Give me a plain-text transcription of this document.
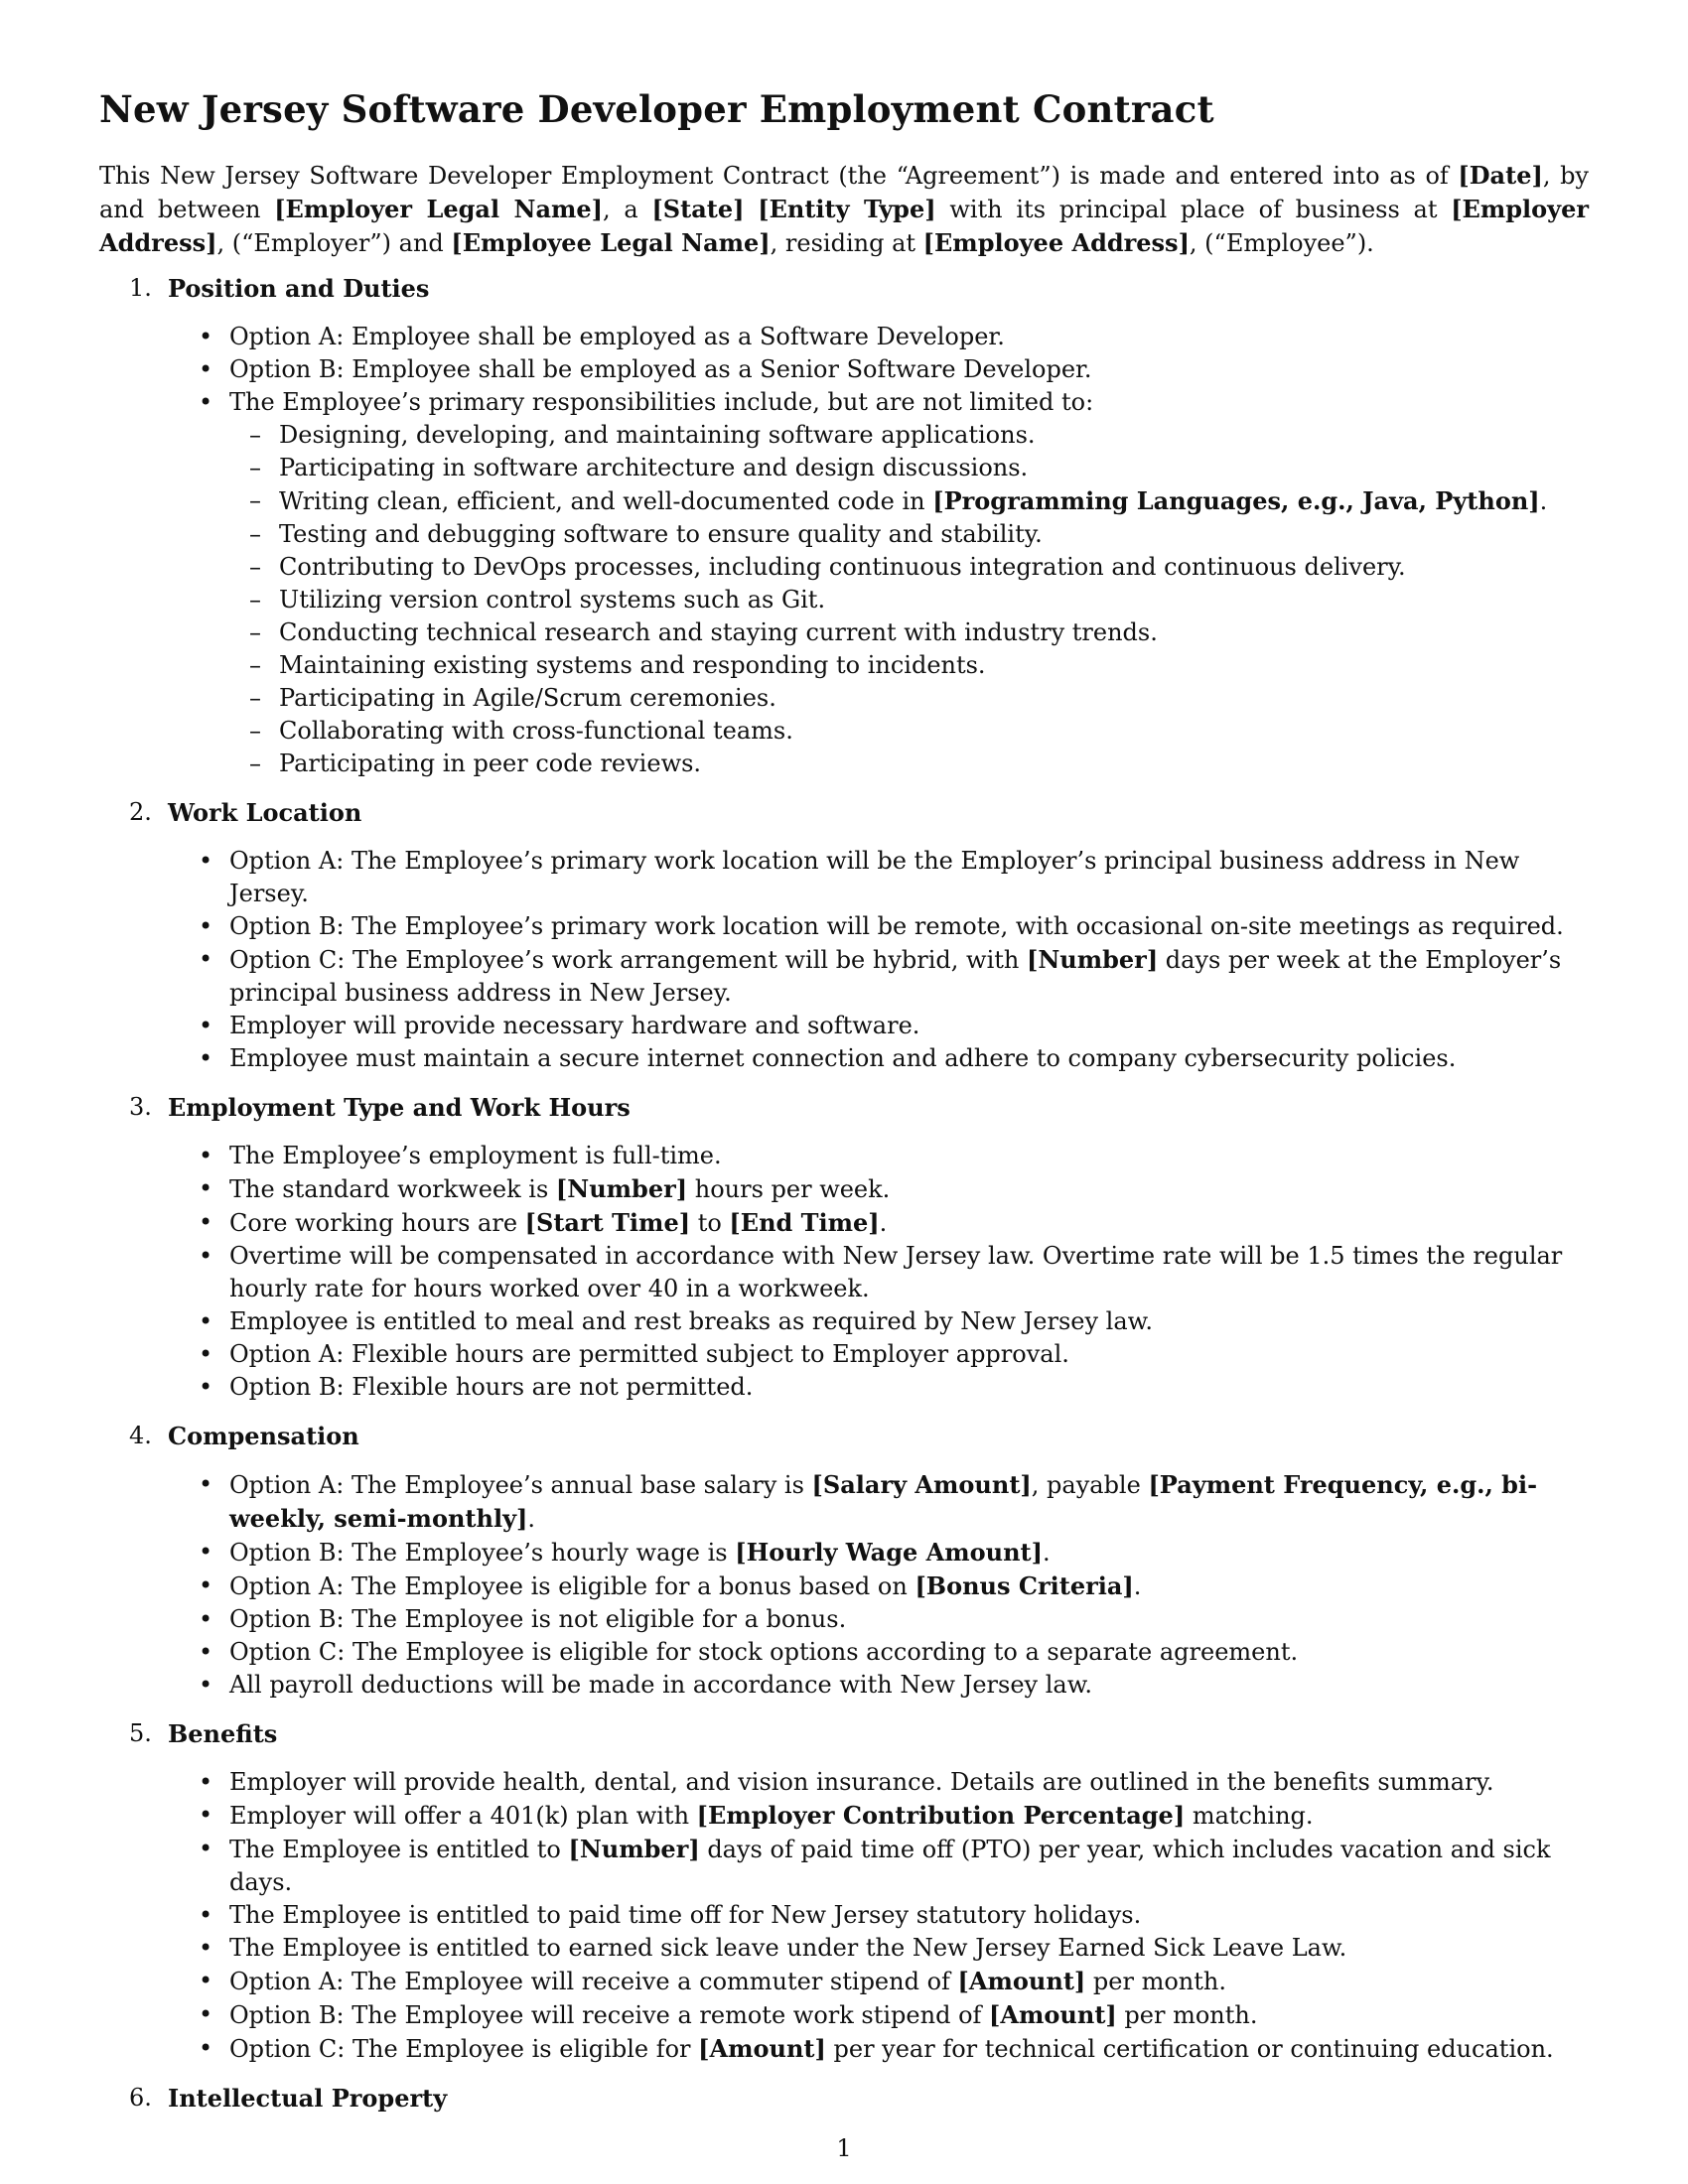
New Jersey Software Developer Employment Contract

This New Jersey Software Developer Employment Contract (the “Agreement”) is made and entered into as of [Date], by and between [Employer Legal Name], a [State] [Entity Type] with its principal place of business at [Employer Address], (“Employer”) and [Employee Legal Name], residing at [Employee Address], (“Employee”).

1. Position and Duties
• Option A: Employee shall be employed as a Software Developer.
• Option B: Employee shall be employed as a Senior Software Developer.
• The Employee’s primary responsibilities include, but are not limited to:
– Designing, developing, and maintaining software applications.
– Participating in software architecture and design discussions.
– Writing clean, efficient, and well-documented code in [Programming Languages, e.g., Java, Python].
– Testing and debugging software to ensure quality and stability.
– Contributing to DevOps processes, including continuous integration and continuous delivery.
– Utilizing version control systems such as Git.
– Conducting technical research and staying current with industry trends.
– Maintaining existing systems and responding to incidents.
– Participating in Agile/Scrum ceremonies.
– Collaborating with cross-functional teams.
– Participating in peer code reviews.
2. Work Location
• Option A: The Employee’s primary work location will be the Employer’s principal business address in New Jersey.
• Option B: The Employee’s primary work location will be remote, with occasional on-site meetings as required.
• Option C: The Employee’s work arrangement will be hybrid, with [Number] days per week at the Employer’s principal business address in New Jersey.
• Employer will provide necessary hardware and software.
• Employee must maintain a secure internet connection and adhere to company cybersecurity policies.
3. Employment Type and Work Hours
• The Employee’s employment is full-time.
• The standard workweek is [Number] hours per week.
• Core working hours are [Start Time] to [End Time].
• Overtime will be compensated in accordance with New Jersey law. Overtime rate will be 1.5 times the regular hourly rate for hours worked over 40 in a workweek.
• Employee is entitled to meal and rest breaks as required by New Jersey law.
• Option A: Flexible hours are permitted subject to Employer approval.
• Option B: Flexible hours are not permitted.
4. Compensation
• Option A: The Employee’s annual base salary is [Salary Amount], payable [Payment Frequency, e.g., bi-weekly, semi-monthly].
• Option B: The Employee’s hourly wage is [Hourly Wage Amount].
• Option A: The Employee is eligible for a bonus based on [Bonus Criteria].
• Option B: The Employee is not eligible for a bonus.
• Option C: The Employee is eligible for stock options according to a separate agreement.
• All payroll deductions will be made in accordance with New Jersey law.
5. Benefits
• Employer will provide health, dental, and vision insurance. Details are outlined in the benefits summary.
• Employer will offer a 401(k) plan with [Employer Contribution Percentage] matching.
• The Employee is entitled to [Number] days of paid time off (PTO) per year, which includes vacation and sick days.
• The Employee is entitled to paid time off for New Jersey statutory holidays.
• The Employee is entitled to earned sick leave under the New Jersey Earned Sick Leave Law.
• Option A: The Employee will receive a commuter stipend of [Amount] per month.
• Option B: The Employee will receive a remote work stipend of [Amount] per month.
• Option C: The Employee is eligible for [Amount] per year for technical certification or continuing education.
6. Intellectual Property
1
